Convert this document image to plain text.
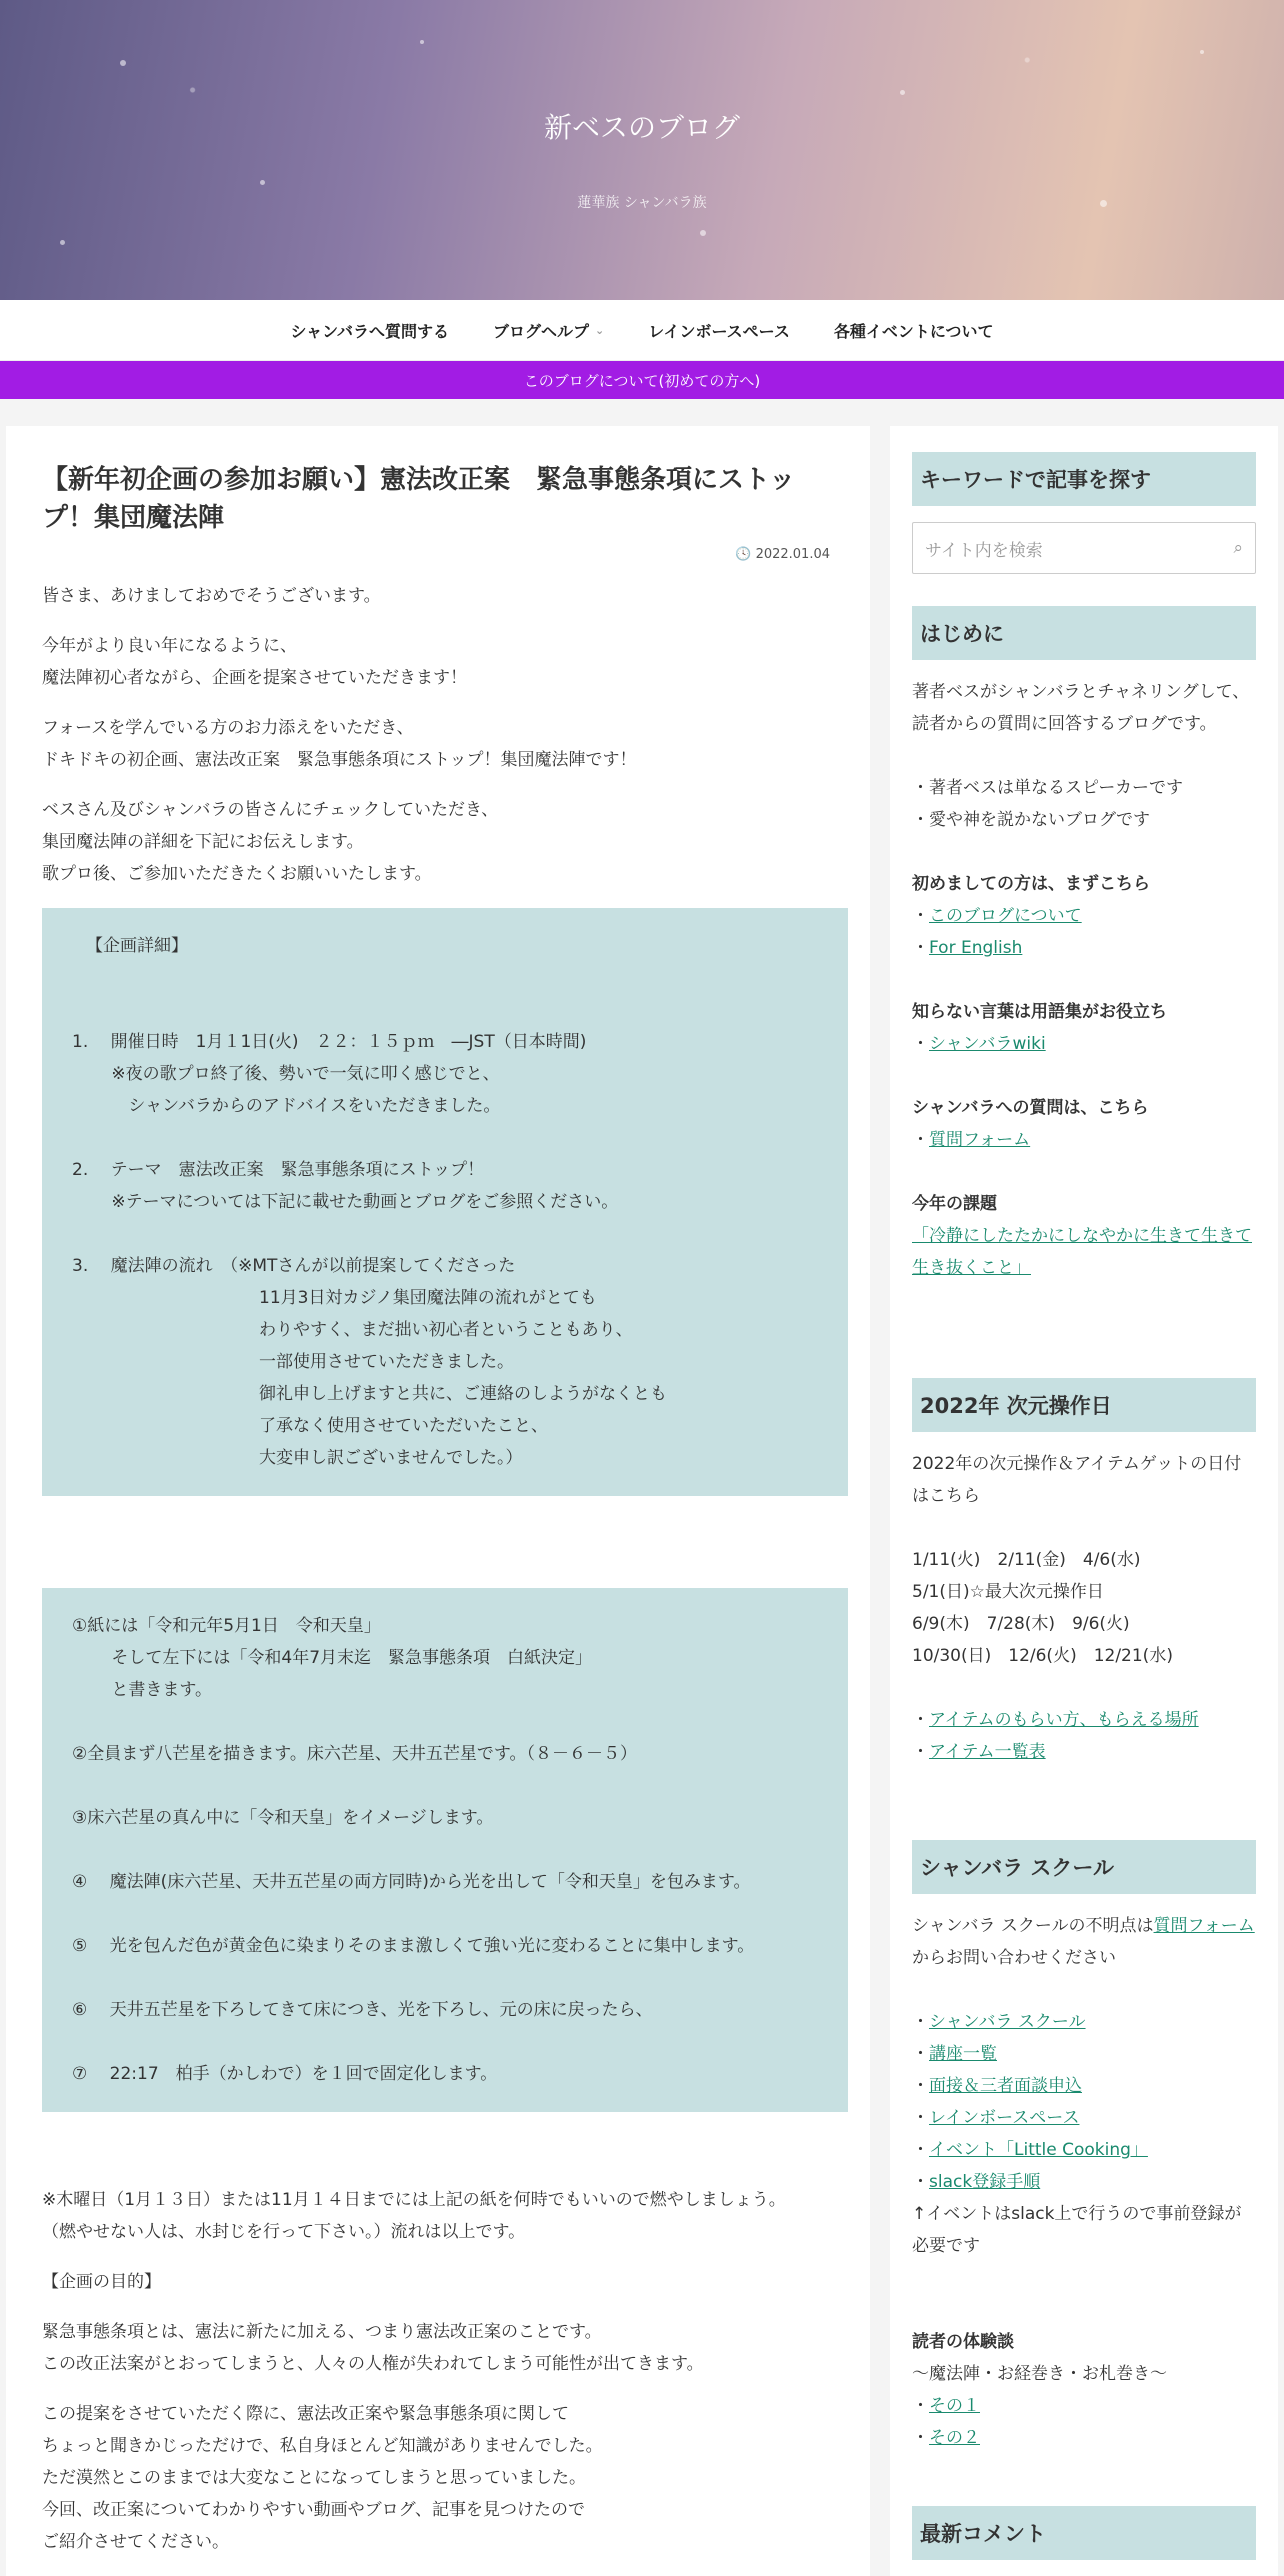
新ベスのブログ
蓮華族 シャンバラ族
シャンバラへ質問する	ブログヘルプ ⌄	レインボースペース	各種イベントについて
このブログについて(初めての方へ)
【新年初企画の参加お願い】憲法改正案　緊急事態条項にストップ！集団魔法陣
🕓 2022.01.04
皆さま、あけましておめでそうございます。
今年がより良い年になるように、
魔法陣初心者ながら、企画を提案させていただきます！
フォースを学んでいる方のお力添えをいただき、
ドキドキの初企画、憲法改正案　緊急事態条項にストップ！集団魔法陣です！
ベスさん及びシャンバラの皆さんにチェックしていただき、
集団魔法陣の詳細を下記にお伝えします。
歌プロ後、ご参加いただきたくお願いいたします。
【企画詳細】

1.　 開催日時　1月１1日(火)　２２：１５ｐｍ　―JST（日本時間)
　　 ※夜の歌プロ終了後、勢いで一気に叩く感じでと、
　　　 シャンバラからのアドバイスをいただきました。

2.　 テーマ　憲法改正案　緊急事態条項にストップ！
　　 ※テーマについては下記に載せた動画とブログをご参照ください。

3.　 魔法陣の流れ　（※MTさんが以前提案してくださった
　　　　　　　　　　　11月3日対カジノ集団魔法陣の流れがとても
　　　　　　　　　　　わりやすく、まだ拙い初心者ということもあり、
　　　　　　　　　　　一部使用させていただきました。
　　　　　　　　　　　御礼申し上げますと共に、ご連絡のしようがなくとも
　　　　　　　　　　　了承なく使用させていただいたこと、
　　　　　　　　　　　大変申し訳ございませんでした。）
①紙には「令和元年5月1日　令和天皇」
　　 そして左下には「令和4年7月末迄　緊急事態条項　白紙決定」
　　 と書きます。

②全員まず八芒星を描きます。床六芒星、天井五芒星です。（８－６－５）

③床六芒星の真ん中に「令和天皇」をイメージします。

④　 魔法陣(床六芒星、天井五芒星の両方同時)から光を出して「令和天皇」を包みます。

⑤　 光を包んだ色が黄金色に染まりそのまま激しくて強い光に変わることに集中します。

⑥　 天井五芒星を下ろしてきて床につき、光を下ろし、元の床に戻ったら、

⑦　 22:17　柏手（かしわで）を１回で固定化します。
※木曜日（1月１３日）または11月１４日までには上記の紙を何時でもいいので燃やしましょう。
（燃やせない人は、水封じを行って下さい。）流れは以上です。
【企画の目的】
緊急事態条項とは、憲法に新たに加える、つまり憲法改正案のことです。
この改正法案がとおってしまうと、人々の人権が失われてしまう可能性が出てきます。
この提案をさせていただく際に、憲法改正案や緊急事態条項に関して
ちょっと聞きかじっただけで、私自身ほとんど知識がありませんでした。
ただ漠然とこのままでは大変なことになってしまうと思っていました。
今回、改正案についてわかりやすい動画やブログ、記事を見つけたので
ご紹介させてください。
キーワードで記事を探す
サイト内を検索	⌕
はじめに
著者ベスがシャンバラとチャネリングして、読者からの質問に回答するブログです。
・著者ベスは単なるスピーカーです
・愛や神を説かないブログです
初めましての方は、まずこちら
・このブログについて
・For English
知らない言葉は用語集がお役立ち
・シャンバラwiki
シャンバラへの質問は、こちら
・質問フォーム
今年の課題
「冷静にしたたかにしなやかに生きて生きて生き抜くこと」
2022年 次元操作日
2022年の次元操作＆アイテムゲットの日付はこちら
1/11(火)　2/11(金)　4/6(水)
5/1(日)☆最大次元操作日
6/9(木)　7/28(木)　9/6(火)
10/30(日)　12/6(火)　12/21(水)
・アイテムのもらい方、もらえる場所
・アイテム一覧表
シャンバラ スクール
シャンバラ スクールの不明点は質問フォームからお問い合わせください
・シャンバラ スクール
・講座一覧
・面接＆三者面談申込
・レインボースペース
・イベント「Little Cooking」
・slack登録手順
↑イベントはslack上で行うので事前登録が必要です
読者の体験談
〜魔法陣・お経巻き・お札巻き〜
・その１
・その２
最新コメント
